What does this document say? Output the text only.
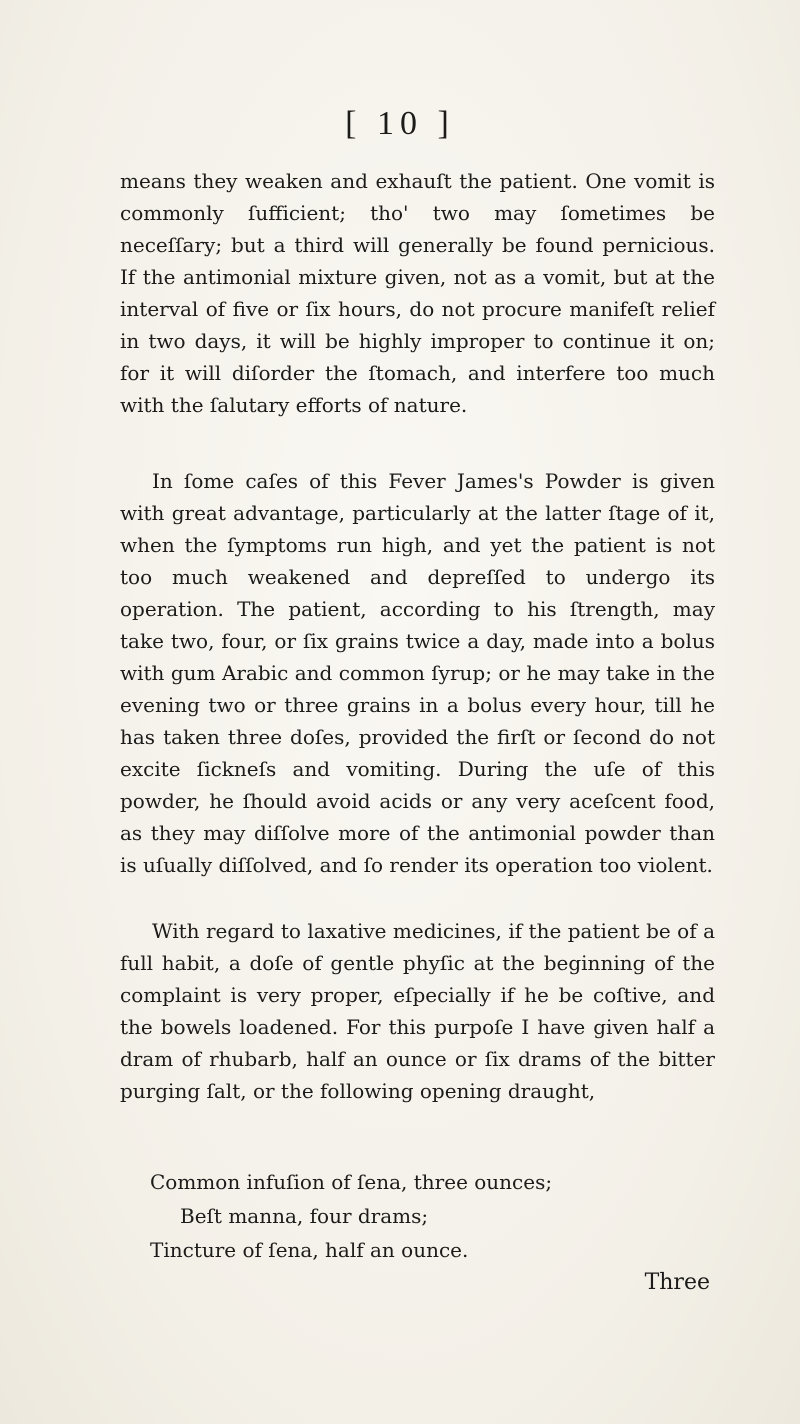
[ 10 ]

means they weaken and exhauſt the patient. One vomit is commonly ſufficient; tho' two may ſometimes be neceſſary; but a third will generally be found pernicious. If the antimonial mixture given, not as a vomit, but at the interval of five or ſix hours, do not procure manifeſt relief in two days, it will be highly improper to continue it on; for it will diſorder the ſtomach, and interfere too much with the ſalutary efforts of nature.

In ſome caſes of this Fever James's Powder is given with great advantage, particularly at the latter ſtage of it, when the ſymptoms run high, and yet the patient is not too much weakened and depreſſed to undergo its operation. The patient, according to his ſtrength, may take two, four, or ſix grains twice a day, made into a bolus with gum Arabic and common ſyrup; or he may take in the evening two or three grains in a bolus every hour, till he has taken three doſes, provided the firſt or ſecond do not excite ſicknеſs and vomiting. During the uſe of this powder, he ſhould avoid acids or any very aceſcent food, as they may diſſolve more of the antimonial powder than is uſually diſſolved, and ſo render its operation too violent.

With regard to laxative medicines, if the patient be of a full habit, a doſe of gentle phyſic at the beginning of the complaint is very proper, eſpecially if he be coſtive, and the bowels loadened. For this purpoſe I have given half a dram of rhubarb, half an ounce or ſix drams of the bitter purging ſalt, or the following opening draught,

Common infuſion of ſena, three ounces;
Beſt manna, four drams;
Tincture of ſena, half an ounce.
Three
